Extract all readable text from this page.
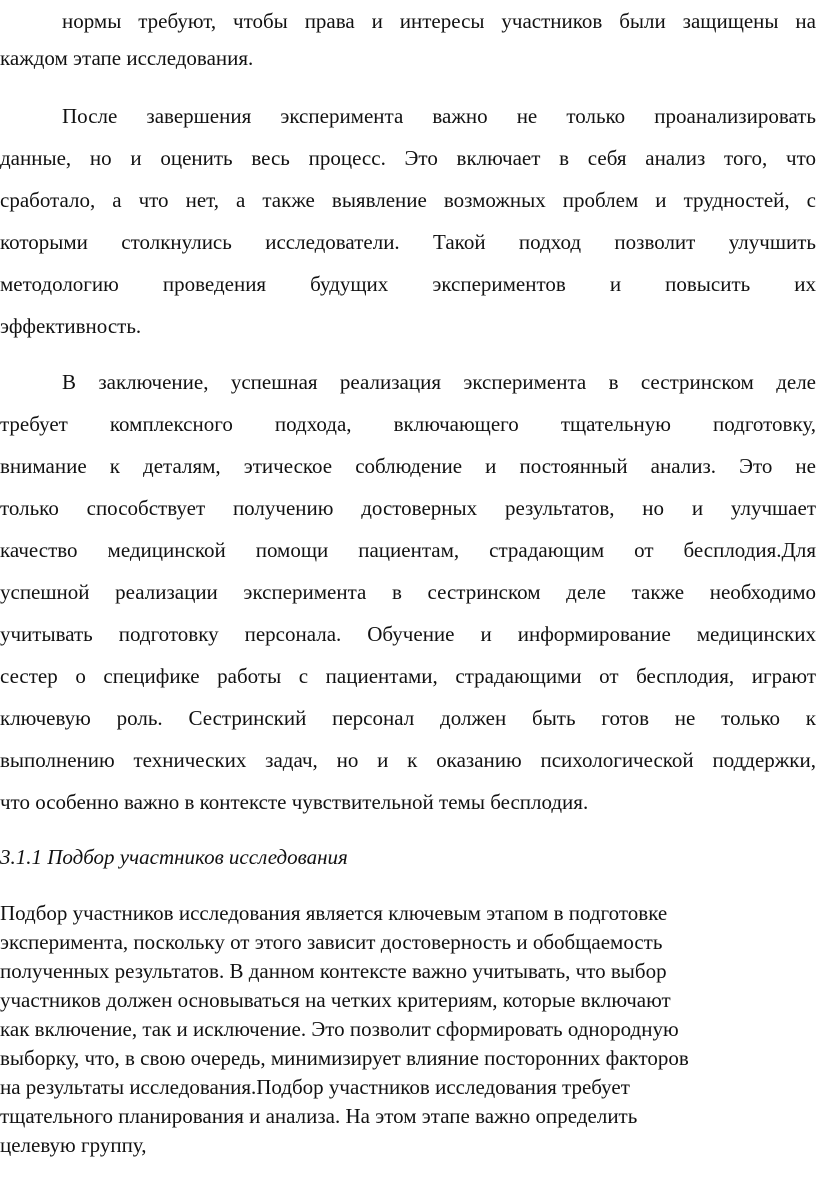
нормы требуют, чтобы права и интересы участников были защищены на
каждом этапе исследования.
После завершения эксперимента важно не только проанализировать
данные, но и оценить весь процесс. Это включает в себя анализ того, что
сработало, а что нет, а также выявление возможных проблем и трудностей, с
которыми столкнулись исследователи. Такой подход позволит улучшить
методологию проведения будущих экспериментов и повысить их
эффективность.
В заключение, успешная реализация эксперимента в сестринском деле
требует комплексного подхода, включающего тщательную подготовку,
внимание к деталям, этическое соблюдение и постоянный анализ. Это не
только способствует получению достоверных результатов, но и улучшает
качество медицинской помощи пациентам, страдающим от бесплодия.Для
успешной реализации эксперимента в сестринском деле также необходимо
учитывать подготовку персонала. Обучение и информирование медицинских
сестер о специфике работы с пациентами, страдающими от бесплодия, играют
ключевую роль. Сестринский персонал должен быть готов не только к
выполнению технических задач, но и к оказанию психологической поддержки,
что особенно важно в контексте чувствительной темы бесплодия.
3.1.1 Подбор участников исследования
Подбор участников исследования является ключевым этапом в подготовке
эксперимента, поскольку от этого зависит достоверность и обобщаемость
полученных результатов. В данном контексте важно учитывать, что выбор
участников должен основываться на четких критериям, которые включают
как включение, так и исключение. Это позволит сформировать однородную
выборку, что, в свою очередь, минимизирует влияние посторонних факторов
на результаты исследования.Подбор участников исследования требует
тщательного планирования и анализа. На этом этапе важно определить
целевую группу,
